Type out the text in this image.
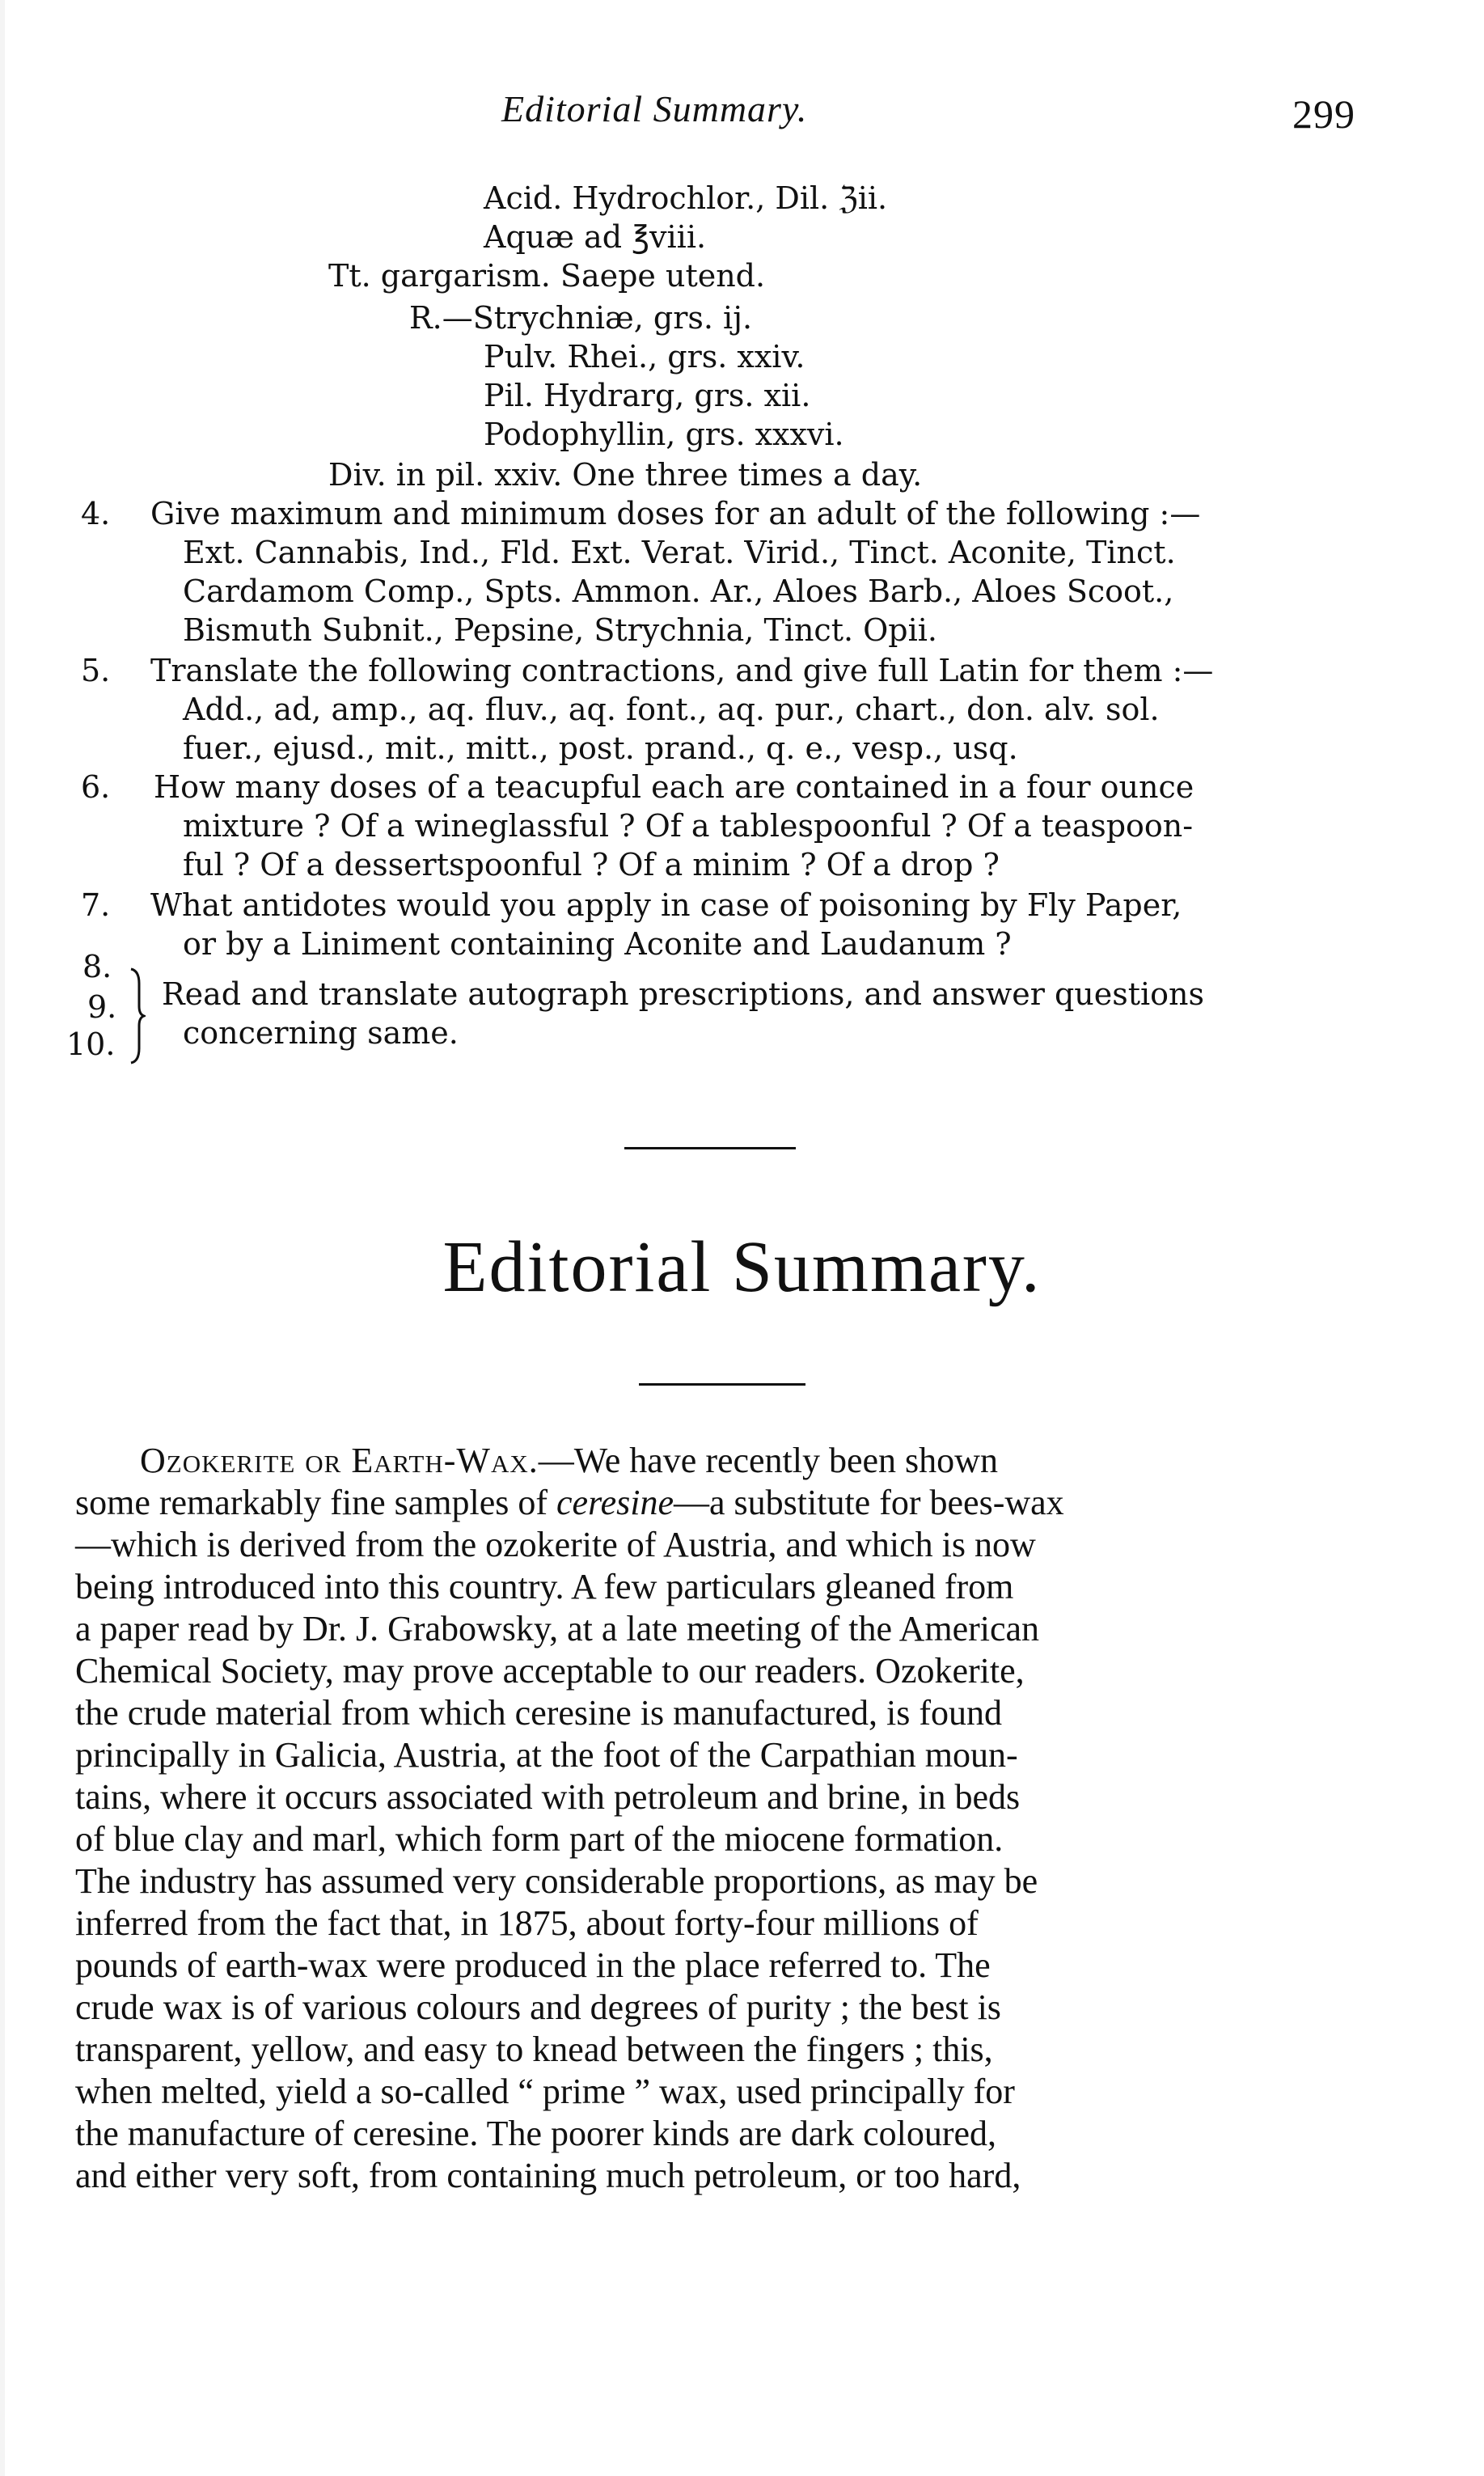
Editorial Summary.	299
Acid. Hydrochlor., Dil. ℨii.
Aquæ ad ℥viii.
Tt. gargarism. Saepe utend.
R.—Strychniæ, grs. ij.
Pulv. Rhei., grs. xxiv.
Pil. Hydrarg, grs. xii.
Podophyllin, grs. xxxvi.
Div. in pil. xxiv. One three times a day.
4. Give maximum and minimum doses for an adult of the following :—
Ext. Cannabis, Ind., Fld. Ext. Verat. Virid., Tinct. Aconite, Tinct.
Cardamom Comp., Spts. Ammon. Ar., Aloes Barb., Aloes Scoot.,
Bismuth Subnit., Pepsine, Strychnia, Tinct. Opii.
5. Translate the following contractions, and give full Latin for them :—
Add., ad, amp., aq. fluv., aq. font., aq. pur., chart., don. alv. sol.
fuer., ejusd., mit., mitt., post. prand., q. e., vesp., usq.
6. How many doses of a teacupful each are contained in a four ounce
mixture ? Of a wineglassful ? Of a tablespoonful ? Of a teaspoon-
ful ? Of a dessertspoonful ? Of a minim ? Of a drop ?
7. What antidotes would you apply in case of poisoning by Fly Paper,
or by a Liniment containing Aconite and Laudanum ?
8.
9.
10.
Read and translate autograph prescriptions, and answer questions
concerning same.
Editorial Summary.
Ozokerite or Earth-Wax.—We have recently been shown
some remarkably fine samples of ceresine—a substitute for bees-wax
—which is derived from the ozokerite of Austria, and which is now
being introduced into this country. A few particulars gleaned from
a paper read by Dr. J. Grabowsky, at a late meeting of the American
Chemical Society, may prove acceptable to our readers. Ozokerite,
the crude material from which ceresine is manufactured, is found
principally in Galicia, Austria, at the foot of the Carpathian moun-
tains, where it occurs associated with petroleum and brine, in beds
of blue clay and marl, which form part of the miocene formation.
The industry has assumed very considerable proportions, as may be
inferred from the fact that, in 1875, about forty-four millions of
pounds of earth-wax were produced in the place referred to. The
crude wax is of various colours and degrees of purity ; the best is
transparent, yellow, and easy to knead between the fingers ; this,
when melted, yield a so-called “ prime ” wax, used principally for
the manufacture of ceresine. The poorer kinds are dark coloured,
and either very soft, from containing much petroleum, or too hard,
